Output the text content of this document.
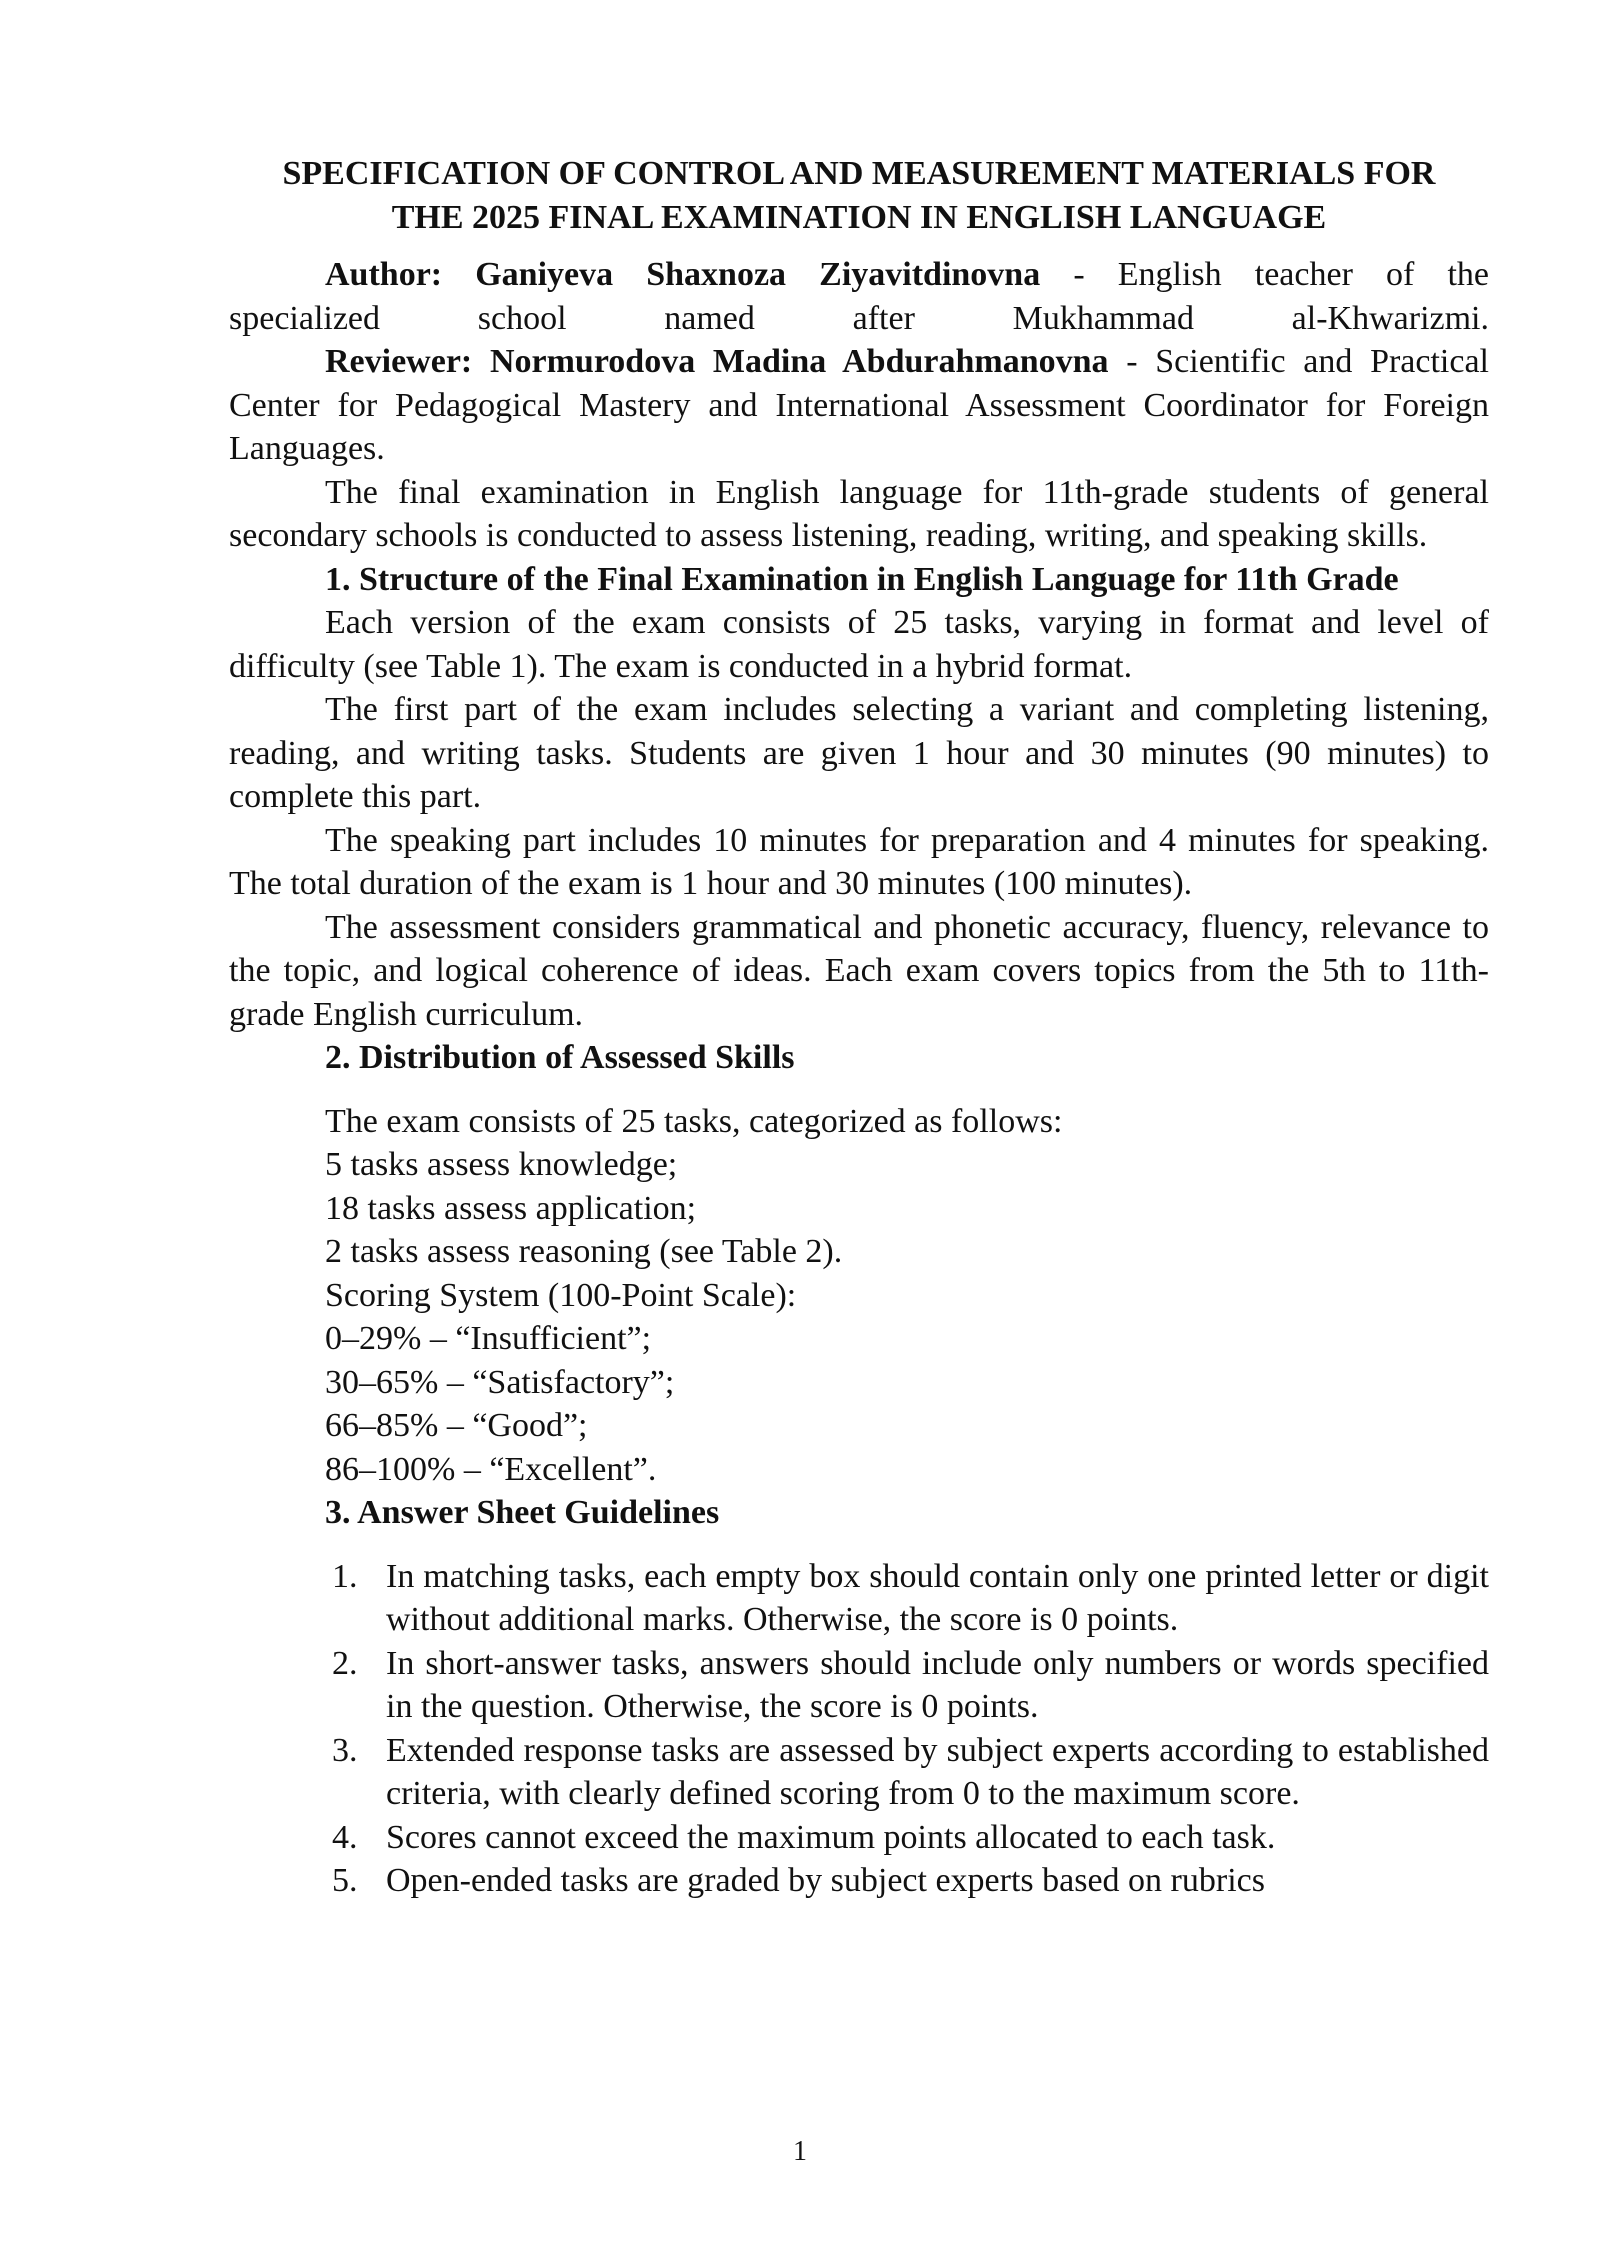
SPECIFICATION OF CONTROL AND MEASUREMENT MATERIALS FOR THE 2025 FINAL EXAMINATION IN ENGLISH LANGUAGE

Author: Ganiyeva Shaxnoza Ziyavitdinovna - English teacher of the

specialized school named after Mukhammad al-Khwarizmi.

Reviewer: Normurodova Madina Abdurahmanovna - Scientific and Practical Center for Pedagogical Mastery and International Assessment Coordinator for Foreign Languages.

The final examination in English language for 11th-grade students of general secondary schools is conducted to assess listening, reading, writing, and speaking skills.

1. Structure of the Final Examination in English Language for 11th Grade

Each version of the exam consists of 25 tasks, varying in format and level of difficulty (see Table 1). The exam is conducted in a hybrid format.

The first part of the exam includes selecting a variant and completing listening, reading, and writing tasks. Students are given 1 hour and 30 minutes (90 minutes) to complete this part.

The speaking part includes 10 minutes for preparation and 4 minutes for speaking. The total duration of the exam is 1 hour and 30 minutes (100 minutes).

The assessment considers grammatical and phonetic accuracy, fluency, relevance to the topic, and logical coherence of ideas. Each exam covers topics from the 5th to 11th-grade English curriculum.

2. Distribution of Assessed Skills

The exam consists of 25 tasks, categorized as follows:

5 tasks assess knowledge;

18 tasks assess application;

2 tasks assess reasoning (see Table 2).

Scoring System (100-Point Scale):

0–29% – “Insufficient”;

30–65% – “Satisfactory”;

66–85% – “Good”;

86–100% – “Excellent”.

3. Answer Sheet Guidelines
1. In matching tasks, each empty box should contain only one printed letter or digit without additional marks. Otherwise, the score is 0 points.
2. In short-answer tasks, answers should include only numbers or words specified in the question. Otherwise, the score is 0 points.
3. Extended response tasks are assessed by subject experts according to established criteria, with clearly defined scoring from 0 to the maximum score.
4. Scores cannot exceed the maximum points allocated to each task.
5. Open-ended tasks are graded by subject experts based on rubrics
1
